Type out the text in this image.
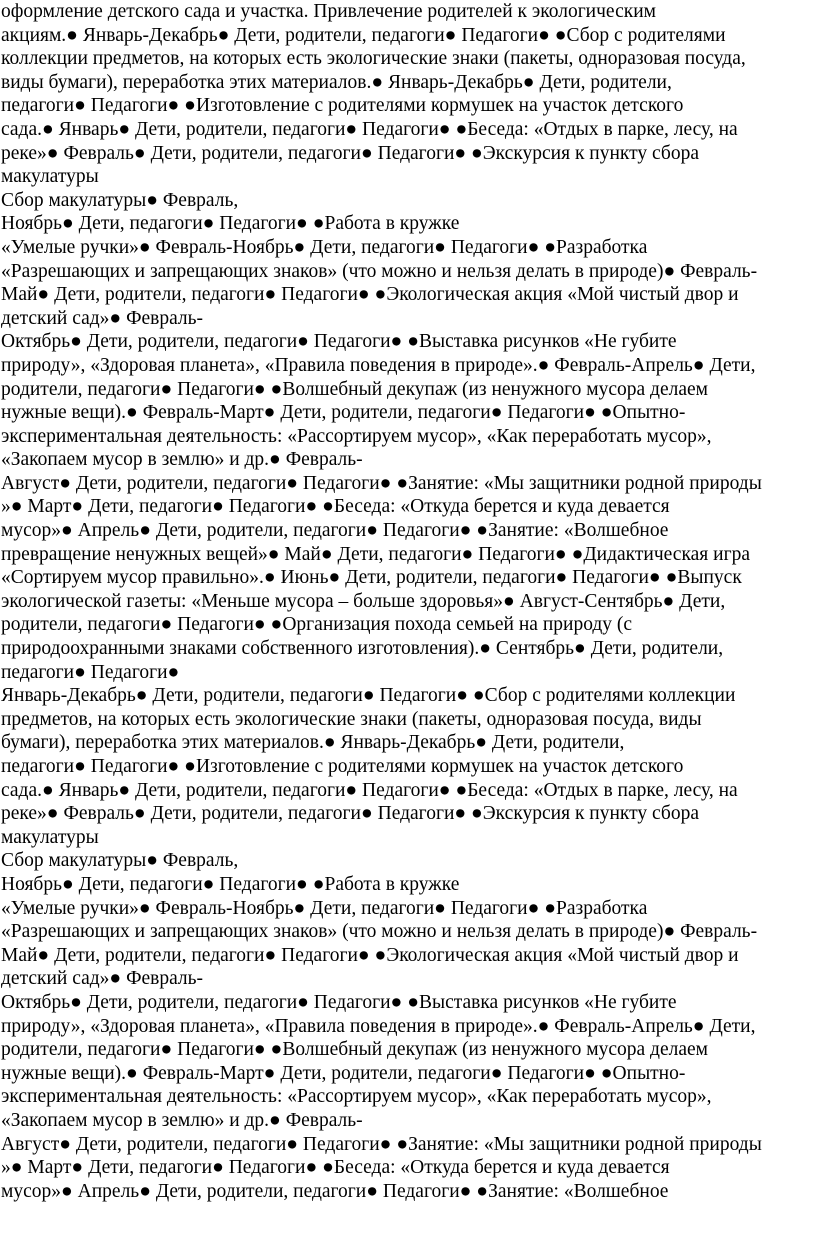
оформление детского сада и участка. Привлечение родителей к экологическим
акциям.● Январь-Декабрь● Дети, родители, педагоги● Педагоги● ●Сбор с родителями
коллекции предметов, на которых есть экологические знаки (пакеты, одноразовая посуда,
виды бумаги), переработка этих материалов.● Январь-Декабрь● Дети, родители,
педагоги● Педагоги● ●Изготовление с родителями кормушек на участок детского
сада.● Январь● Дети, родители, педагоги● Педагоги● ●Беседа: «Отдых в парке, лесу, на
реке»● Февраль● Дети, родители, педагоги● Педагоги● ●Экскурсия к пункту сбора
макулатуры
Сбор макулатуры● Февраль,
Ноябрь● Дети, педагоги● Педагоги● ●Работа в кружке
«Умелые ручки»● Февраль-Ноябрь● Дети, педагоги● Педагоги● ●Разработка
«Разрешающих и запрещающих знаков» (что можно и нельзя делать в природе)● Февраль-
Май● Дети, родители, педагоги● Педагоги● ●Экологическая акция «Мой чистый двор и
детский сад»● Февраль-
Октябрь● Дети, родители, педагоги● Педагоги● ●Выставка рисунков «Не губите
природу», «Здоровая планета», «Правила поведения в природе».● Февраль-Апрель● Дети,
родители, педагоги● Педагоги● ●Волшебный декупаж (из ненужного мусора делаем
нужные вещи).● Февраль-Март● Дети, родители, педагоги● Педагоги● ●Опытно-
экспериментальная деятельность: «Рассортируем мусор», «Как переработать мусор»,
«Закопаем мусор в землю» и др.● Февраль-
Август● Дети, родители, педагоги● Педагоги● ●Занятие: «Мы защитники родной природы
»● Март● Дети, педагоги● Педагоги● ●Беседа: «Откуда берется и куда девается
мусор»● Апрель● Дети, родители, педагоги● Педагоги● ●Занятие: «Волшебное
превращение ненужных вещей»● Май● Дети, педагоги● Педагоги● ●Дидактическая игра
«Сортируем мусор правильно».● Июнь● Дети, родители, педагоги● Педагоги● ●Выпуск
экологической газеты: «Меньше мусора – больше здоровья»● Август-Сентябрь● Дети,
родители, педагоги● Педагоги● ●Организация похода семьей на природу (с
природоохранными знаками собственного изготовления).● Сентябрь● Дети, родители,
педагоги● Педагоги●
Январь-Декабрь● Дети, родители, педагоги● Педагоги● ●Сбор с родителями коллекции
предметов, на которых есть экологические знаки (пакеты, одноразовая посуда, виды
бумаги), переработка этих материалов.● Январь-Декабрь● Дети, родители,
педагоги● Педагоги● ●Изготовление с родителями кормушек на участок детского
сада.● Январь● Дети, родители, педагоги● Педагоги● ●Беседа: «Отдых в парке, лесу, на
реке»● Февраль● Дети, родители, педагоги● Педагоги● ●Экскурсия к пункту сбора
макулатуры
Сбор макулатуры● Февраль,
Ноябрь● Дети, педагоги● Педагоги● ●Работа в кружке
«Умелые ручки»● Февраль-Ноябрь● Дети, педагоги● Педагоги● ●Разработка
«Разрешающих и запрещающих знаков» (что можно и нельзя делать в природе)● Февраль-
Май● Дети, родители, педагоги● Педагоги● ●Экологическая акция «Мой чистый двор и
детский сад»● Февраль-
Октябрь● Дети, родители, педагоги● Педагоги● ●Выставка рисунков «Не губите
природу», «Здоровая планета», «Правила поведения в природе».● Февраль-Апрель● Дети,
родители, педагоги● Педагоги● ●Волшебный декупаж (из ненужного мусора делаем
нужные вещи).● Февраль-Март● Дети, родители, педагоги● Педагоги● ●Опытно-
экспериментальная деятельность: «Рассортируем мусор», «Как переработать мусор»,
«Закопаем мусор в землю» и др.● Февраль-
Август● Дети, родители, педагоги● Педагоги● ●Занятие: «Мы защитники родной природы
»● Март● Дети, педагоги● Педагоги● ●Беседа: «Откуда берется и куда девается
мусор»● Апрель● Дети, родители, педагоги● Педагоги● ●Занятие: «Волшебное
